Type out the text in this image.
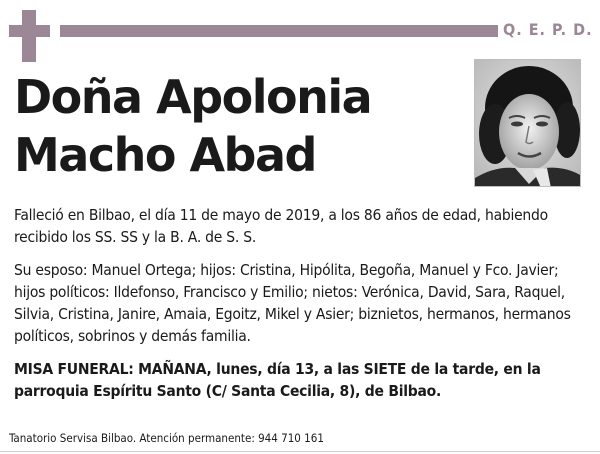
Q. E. P. D.
Doña Apolonia
Macho Abad
Falleció en Bilbao, el día 11 de mayo de 2019, a los 86 años de edad, habiendo recibido los SS. SS y la B. A. de S. S.
Su esposo: Manuel Ortega; hijos: Cristina, Hipólita, Begoña, Manuel y Fco. Javier; hijos políticos: Ildefonso, Francisco y Emilio; nietos: Verónica, David, Sara, Raquel, Silvia, Cristina, Janire, Amaia, Egoitz, Mikel y Asier; biznietos, hermanos, hermanos políticos, sobrinos y demás familia.
MISA FUNERAL: MAÑANA, lunes, día 13, a las SIETE de la tarde, en la parroquia Espíritu Santo (C/ Santa Cecilia, 8), de Bilbao.
Tanatorio Servisa Bilbao. Atención permanente: 944 710 161
